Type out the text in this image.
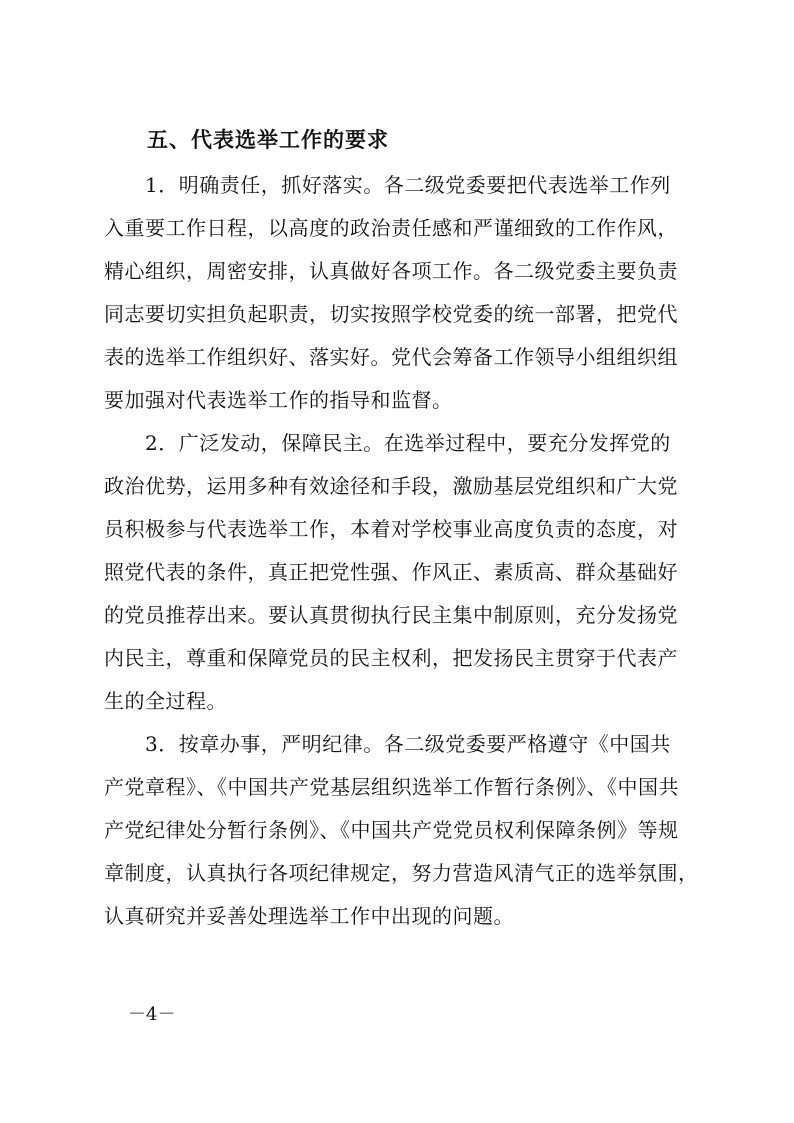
五、代表选举工作的要求
1．明确责任，抓好落实。各二级党委要把代表选举工作列
入重要工作日程，以高度的政治责任感和严谨细致的工作作风，
精心组织，周密安排，认真做好各项工作。各二级党委主要负责
同志要切实担负起职责，切实按照学校党委的统一部署，把党代
表的选举工作组织好、落实好。党代会筹备工作领导小组组织组
要加强对代表选举工作的指导和监督。
2．广泛发动，保障民主。在选举过程中，要充分发挥党的
政治优势，运用多种有效途径和手段，激励基层党组织和广大党
员积极参与代表选举工作，本着对学校事业高度负责的态度，对
照党代表的条件，真正把党性强、作风正、素质高、群众基础好
的党员推荐出来。要认真贯彻执行民主集中制原则，充分发扬党
内民主，尊重和保障党员的民主权利，把发扬民主贯穿于代表产
生的全过程。
3．按章办事，严明纪律。各二级党委要严格遵守《中国共
产党章程》、《中国共产党基层组织选举工作暂行条例》、《中国共
产党纪律处分暂行条例》、《中国共产党党员权利保障条例》等规
章制度，认真执行各项纪律规定，努力营造风清气正的选举氛围，
认真研究并妥善处理选举工作中出现的问题。
－4－
